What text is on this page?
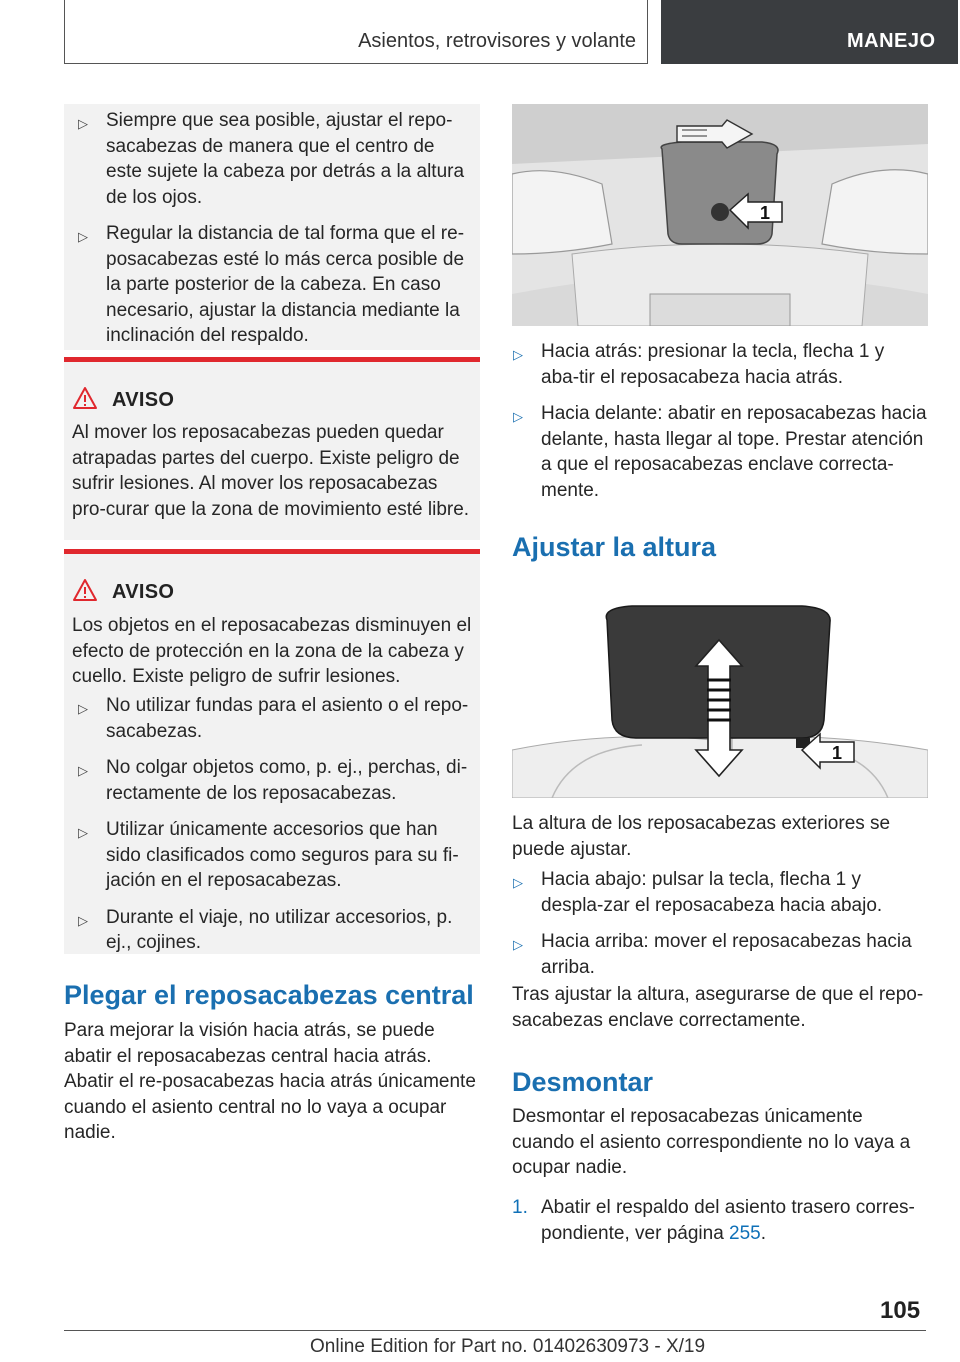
Asientos, retrovisores y volante	MANEJO
▷ Siempre que sea posible, ajustar el repo-sacabezas de manera que el centro de este sujete la cabeza por detrás a la altura de los ojos.
▷ Regular la distancia de tal forma que el re-posacabezas esté lo más cerca posible de la parte posterior de la cabeza. En caso necesario, ajustar la distancia mediante la inclinación del respaldo.
AVISO
Al mover los reposacabezas pueden quedar atrapadas partes del cuerpo. Existe peligro de sufrir lesiones. Al mover los reposacabezas pro-curar que la zona de movimiento esté libre.
AVISO
Los objetos en el reposacabezas disminuyen el efecto de protección en la zona de la cabeza y cuello. Existe peligro de sufrir lesiones.
▷ No utilizar fundas para el asiento o el repo-sacabezas.
▷ No colgar objetos como, p. ej., perchas, di-rectamente de los reposacabezas.
▷ Utilizar únicamente accesorios que han sido clasificados como seguros para su fi-jación en el reposacabezas.
▷ Durante el viaje, no utilizar accesorios, p. ej., cojines.
Plegar el reposacabezas central
Para mejorar la visión hacia atrás, se puede abatir el reposacabezas central hacia atrás. Abatir el re-posacabezas hacia atrás únicamente cuando el asiento central no lo vaya a ocupar nadie.
1
▷ Hacia atrás: presionar la tecla, flecha 1 y aba-tir el reposacabeza hacia atrás.
▷ Hacia delante: abatir en reposacabezas hacia delante, hasta llegar al tope. Prestar atención a que el reposacabezas enclave correcta-mente.
Ajustar la altura
1
La altura de los reposacabezas exteriores se puede ajustar.
▷ Hacia abajo: pulsar la tecla, flecha 1 y despla-zar el reposacabeza hacia abajo.
▷ Hacia arriba: mover el reposacabezas hacia arriba.
Tras ajustar la altura, asegurarse de que el repo-sacabezas enclave correctamente.
Desmontar
Desmontar el reposacabezas únicamente cuando el asiento correspondiente no lo vaya a ocupar nadie.
1. Abatir el respaldo del asiento trasero corres-pondiente, ver página 255.
105
Online Edition for Part no. 01402630973 - X/19
